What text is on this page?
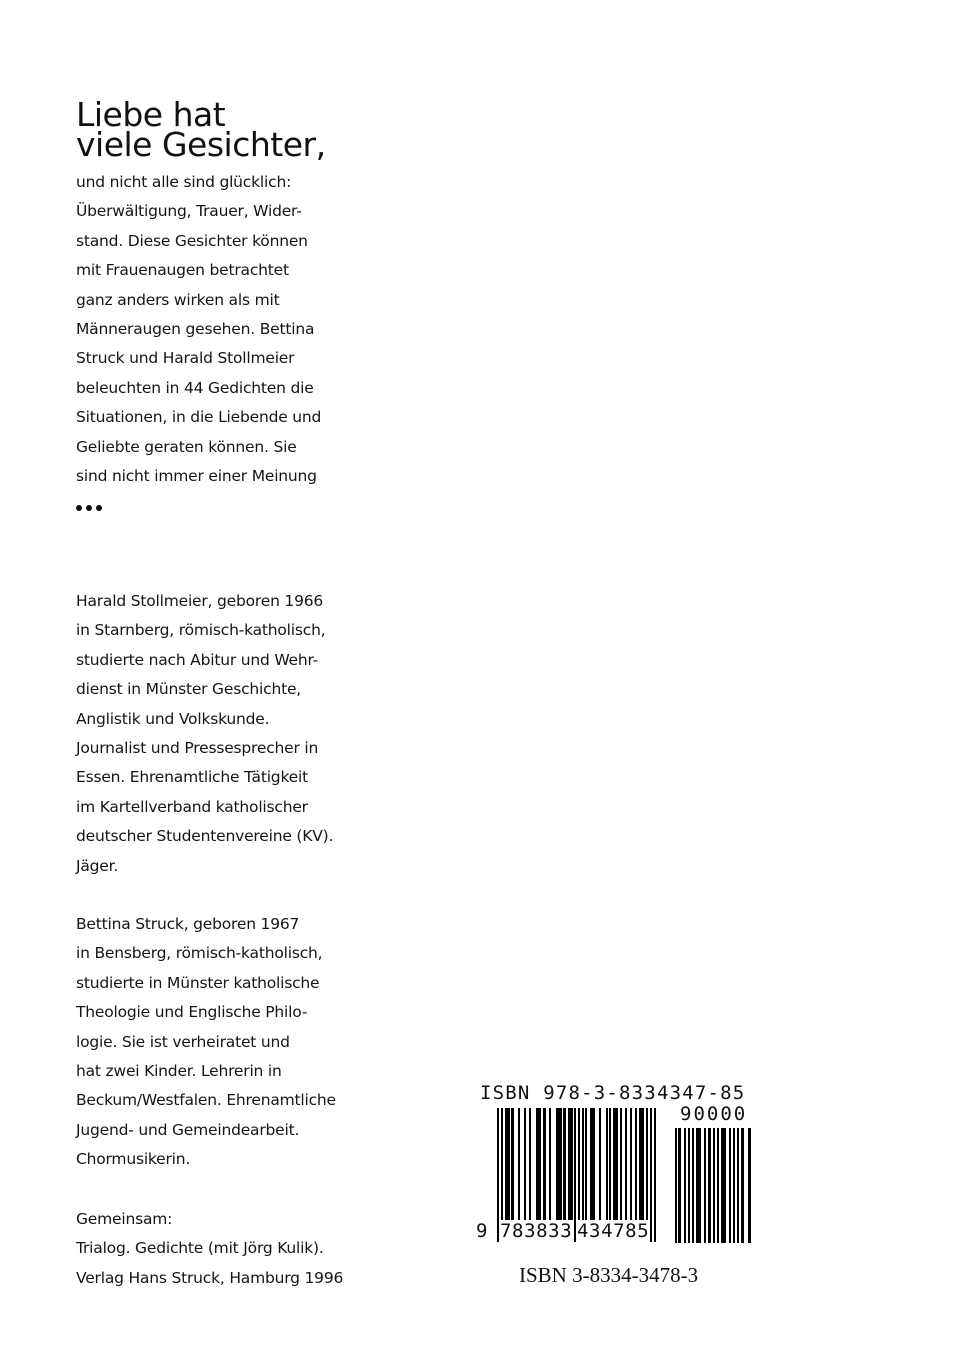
Liebe hat
viele Gesichter,
und nicht alle sind glücklich:
Überwältigung, Trauer, Wider-
stand. Diese Gesichter können
mit Frauenaugen betrachtet
ganz anders wirken als mit
Männeraugen gesehen. Bettina
Struck und Harald Stollmeier
beleuchten in 44 Gedichten die
Situationen, in die Liebende und
Geliebte geraten können. Sie
sind nicht immer einer Meinung
Harald Stollmeier, geboren 1966
in Starnberg, römisch-katholisch,
studierte nach Abitur und Wehr-
dienst in Münster Geschichte,
Anglistik und Volkskunde.
Journalist und Pressesprecher in
Essen. Ehrenamtliche Tätigkeit
im Kartellverband katholischer
deutscher Studentenvereine (KV).
Jäger.
Bettina Struck, geboren 1967
in Bensberg, römisch-katholisch,
studierte in Münster katholische
Theologie und Englische Philo-
logie. Sie ist verheiratet und
hat zwei Kinder. Lehrerin in
Beckum/Westfalen. Ehrenamtliche
Jugend- und Gemeindearbeit.
Chormusikerin.
Gemeinsam:
Trialog. Gedichte (mit Jörg Kulik).
Verlag Hans Struck, Hamburg 1996
ISBN 978-3-8334347-85
90000
9 783833 434785
ISBN 3-8334-3478-3
